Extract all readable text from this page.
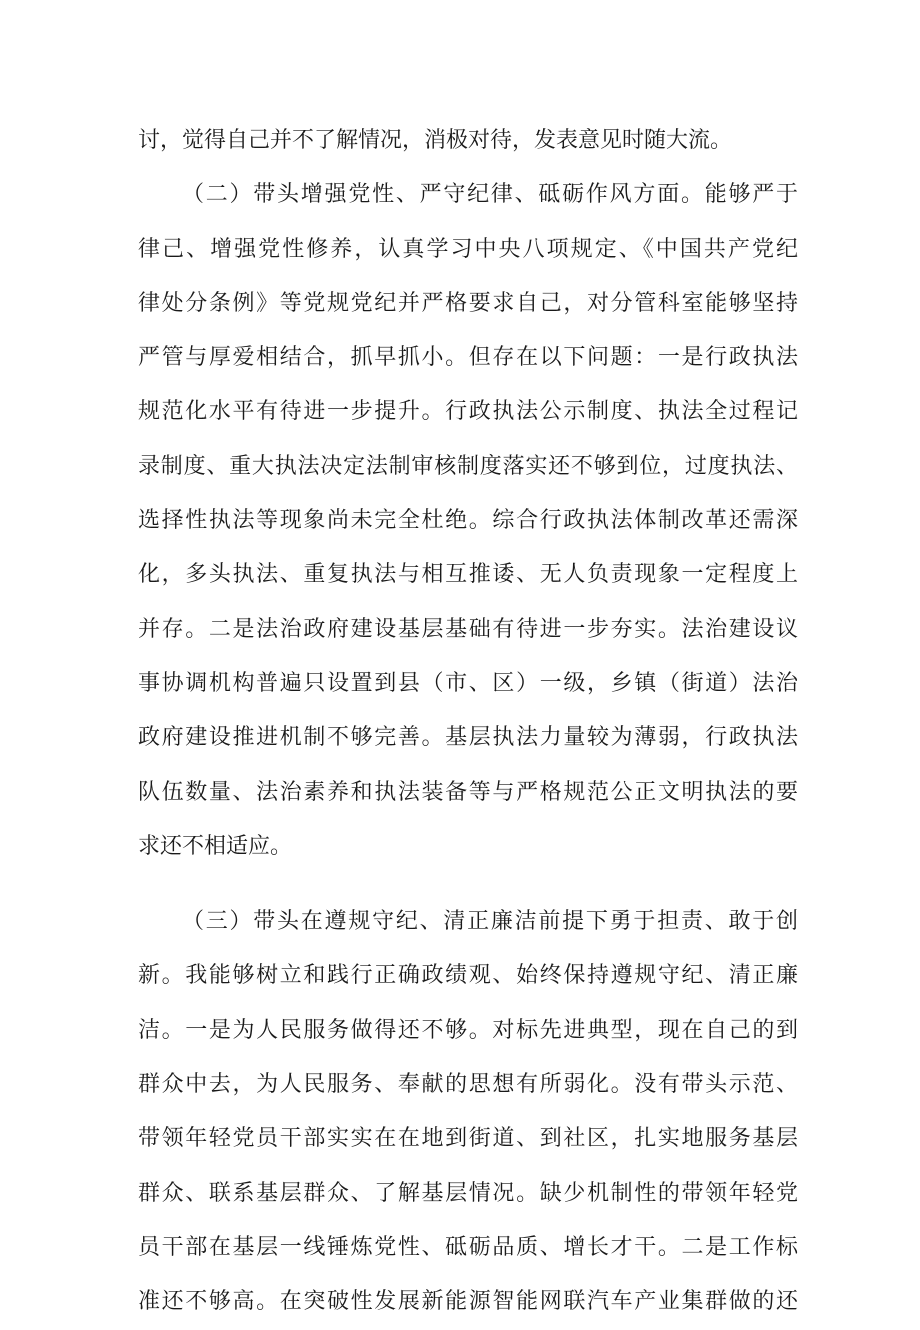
讨，觉得自己并不了解情况，消极对待，发表意见时随大流。
（二）带头增强党性、严守纪律、砥砺作风方面。能够严于
律己、增强党性修养，认真学习中央八项规定、《中国共产党纪
律处分条例》等党规党纪并严格要求自己，对分管科室能够坚持
严管与厚爱相结合，抓早抓小。但存在以下问题：一是行政执法
规范化水平有待进一步提升。行政执法公示制度、执法全过程记
录制度、重大执法决定法制审核制度落实还不够到位，过度执法、
选择性执法等现象尚未完全杜绝。综合行政执法体制改革还需深
化，多头执法、重复执法与相互推诿、无人负责现象一定程度上
并存。二是法治政府建设基层基础有待进一步夯实。法治建设议
事协调机构普遍只设置到县（市、区）一级，乡镇（街道）法治
政府建设推进机制不够完善。基层执法力量较为薄弱，行政执法
队伍数量、法治素养和执法装备等与严格规范公正文明执法的要
求还不相适应。
（三）带头在遵规守纪、清正廉洁前提下勇于担责、敢于创
新。我能够树立和践行正确政绩观、始终保持遵规守纪、清正廉
洁。一是为人民服务做得还不够。对标先进典型，现在自己的到
群众中去，为人民服务、奉献的思想有所弱化。没有带头示范、
带领年轻党员干部实实在在地到街道、到社区，扎实地服务基层
群众、联系基层群众、了解基层情况。缺少机制性的带领年轻党
员干部在基层一线锤炼党性、砥砺品质、增长才干。二是工作标
准还不够高。在突破性发展新能源智能网联汽车产业集群做的还
